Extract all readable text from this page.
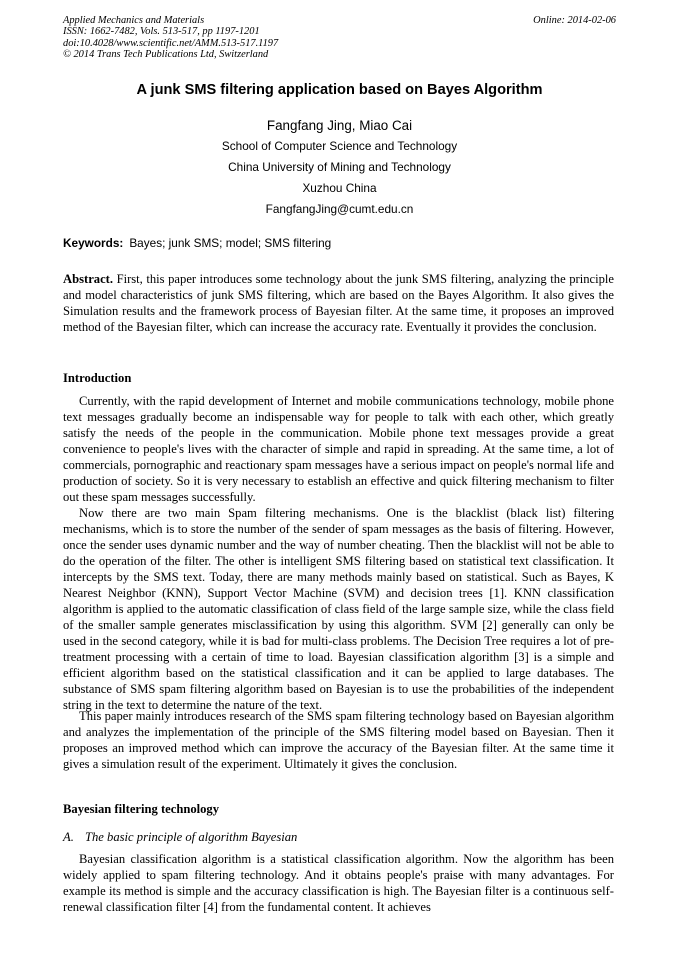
Applied Mechanics and Materials
ISSN: 1662-7482, Vols. 513-517, pp 1197-1201
doi:10.4028/www.scientific.net/AMM.513-517.1197
© 2014 Trans Tech Publications Ltd, Switzerland
Online: 2014-02-06
A junk SMS filtering application based on Bayes Algorithm
Fangfang Jing, Miao Cai
School of Computer Science and Technology
China University of Mining and Technology
Xuzhou China
FangfangJing@cumt.edu.cn
Keywords: Bayes; junk SMS; model; SMS filtering

Abstract. First, this paper introduces some technology about the junk SMS filtering, analyzing the principle and model characteristics of junk SMS filtering, which are based on the Bayes Algorithm. It also gives the Simulation results and the framework process of Bayesian filter. At the same time, it proposes an improved method of the Bayesian filter, which can increase the accuracy rate. Eventually it provides the conclusion.

Introduction

Currently, with the rapid development of Internet and mobile communications technology, mobile phone text messages gradually become an indispensable way for people to talk with each other, which greatly satisfy the needs of the people in the communication. Mobile phone text messages provide a great convenience to people's lives with the character of simple and rapid in spreading. At the same time, a lot of commercials, pornographic and reactionary spam messages have a serious impact on people's normal life and production of society. So it is very necessary to establish an effective and quick filtering mechanism to filter out these spam messages successfully.

Now there are two main Spam filtering mechanisms. One is the blacklist (black list) filtering mechanisms, which is to store the number of the sender of spam messages as the basis of filtering. However, once the sender uses dynamic number and the way of number cheating. Then the blacklist will not be able to do the operation of the filter. The other is intelligent SMS filtering based on statistical text classification. It intercepts by the SMS text. Today, there are many methods mainly based on statistical. Such as Bayes, K Nearest Neighbor (KNN), Support Vector Machine (SVM) and decision trees [1]. KNN classification algorithm is applied to the automatic classification of class field of the large sample size, while the class field of the smaller sample generates misclassification by using this algorithm. SVM [2] generally can only be used in the second category, while it is bad for multi-class problems. The Decision Tree requires a lot of pre-treatment processing with a certain of time to load. Bayesian classification algorithm [3] is a simple and efficient algorithm based on the statistical classification and it can be applied to large databases. The substance of SMS spam filtering algorithm based on Bayesian is to use the probabilities of the independent string in the text to determine the nature of the text.

This paper mainly introduces research of the SMS spam filtering technology based on Bayesian algorithm and analyzes the implementation of the principle of the SMS filtering model based on Bayesian. Then it proposes an improved method which can improve the accuracy of the Bayesian filter. At the same time it gives a simulation result of the experiment. Ultimately it gives the conclusion.

Bayesian filtering technology
A. The basic principle of algorithm Bayesian

Bayesian classification algorithm is a statistical classification algorithm. Now the algorithm has been widely applied to spam filtering technology. And it obtains people's praise with many advantages. For example its method is simple and the accuracy classification is high. The Bayesian filter is a continuous self-renewal classification filter [4] from the fundamental content. It achieves
